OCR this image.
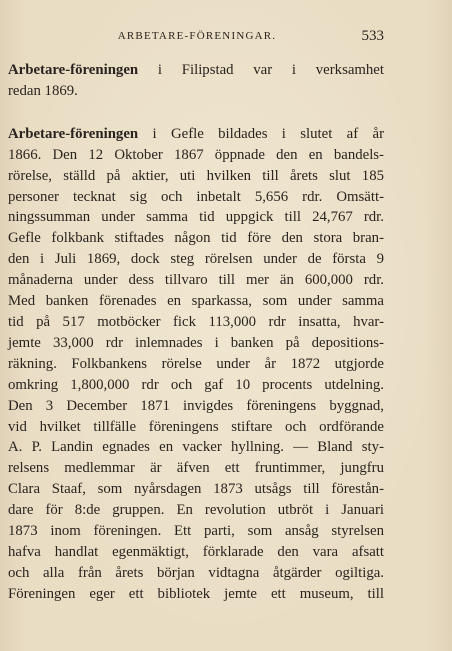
ARBETARE-FÖRENINGAR.	533
Arbetare-föreningen i Filipstad var i verksamhet
redan 1869.
Arbetare-föreningen i Gefle bildades i slutet af år
1866. Den 12 Oktober 1867 öppnade den en bandels-
rörelse, ställd på aktier, uti hvilken till årets slut 185
personer tecknat sig och inbetalt 5,656 rdr. Omsätt-
ningssumman under samma tid uppgick till 24,767 rdr.
Gefle folkbank stiftades någon tid före den stora bran-
den i Juli 1869, dock steg rörelsen under de första 9
månaderna under dess tillvaro till mer än 600,000 rdr.
Med banken förenades en sparkassa, som under samma
tid på 517 motböcker fick 113,000 rdr insatta, hvar-
jemte 33,000 rdr inlemnades i banken på depositions-
räkning. Folkbankens rörelse under år 1872 utgjorde
omkring 1,800,000 rdr och gaf 10 procents utdelning.
Den 3 December 1871 invigdes föreningens byggnad,
vid hvilket tillfälle föreningens stiftare och ordförande
A. P. Landin egnades en vacker hyllning. — Bland sty-
relsens medlemmar är äfven ett fruntimmer, jungfru
Clara Staaf, som nyårsdagen 1873 utsågs till förestån-
dare för 8:de gruppen. En revolution utbröt i Januari
1873 inom föreningen. Ett parti, som ansåg styrelsen
hafva handlat egenmäktigt, förklarade den vara afsatt
och alla från årets början vidtagna åtgärder ogiltiga.
Föreningen eger ett bibliotek jemte ett museum, till
